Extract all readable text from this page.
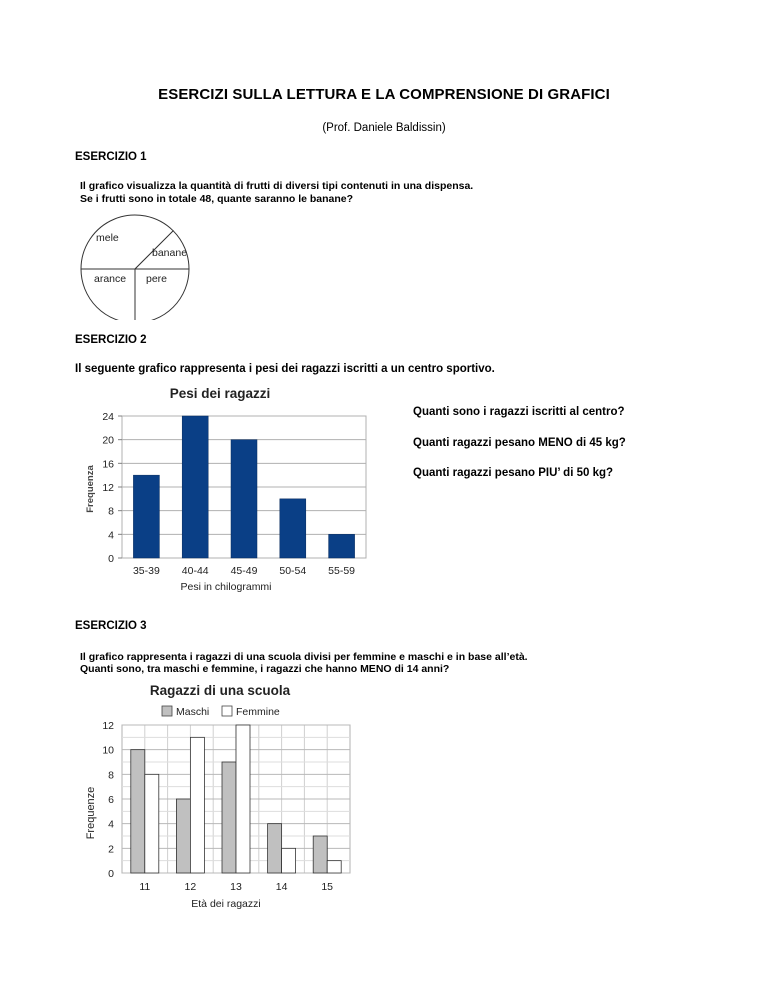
ESERCIZI SULLA LETTURA E LA COMPRENSIONE DI GRAFICI
(Prof. Daniele Baldissin)
ESERCIZIO 1
Il grafico visualizza la quantità di frutti di diversi tipi contenuti in una dispensa.
Se i frutti sono in totale 48, quante saranno le banane?
mele
banane
pere
arance
ESERCIZIO 2
Il seguente grafico rappresenta i pesi dei ragazzi iscritti a un centro sportivo.
Pesi dei ragazzi
0
4
8
12
16
20
24
35-39 40-44 45-49 50-54 55-59
Pesi in chilogrammi
Frequenza
Quanti sono i ragazzi iscritti al centro?
Quanti ragazzi pesano MENO di 45 kg?
Quanti ragazzi pesano PIU’ di 50 kg?
ESERCIZIO 3
Il grafico rappresenta i ragazzi di una scuola divisi per femmine e maschi e in base all’età.
Quanti sono, tra maschi e femmine, i ragazzi che hanno MENO di 14 anni?
Ragazzi di una scuola
Maschi	Femmine
0
2
4
6
8
10
12
11	12	13	14	15
Età dei ragazzi
Frequenze
